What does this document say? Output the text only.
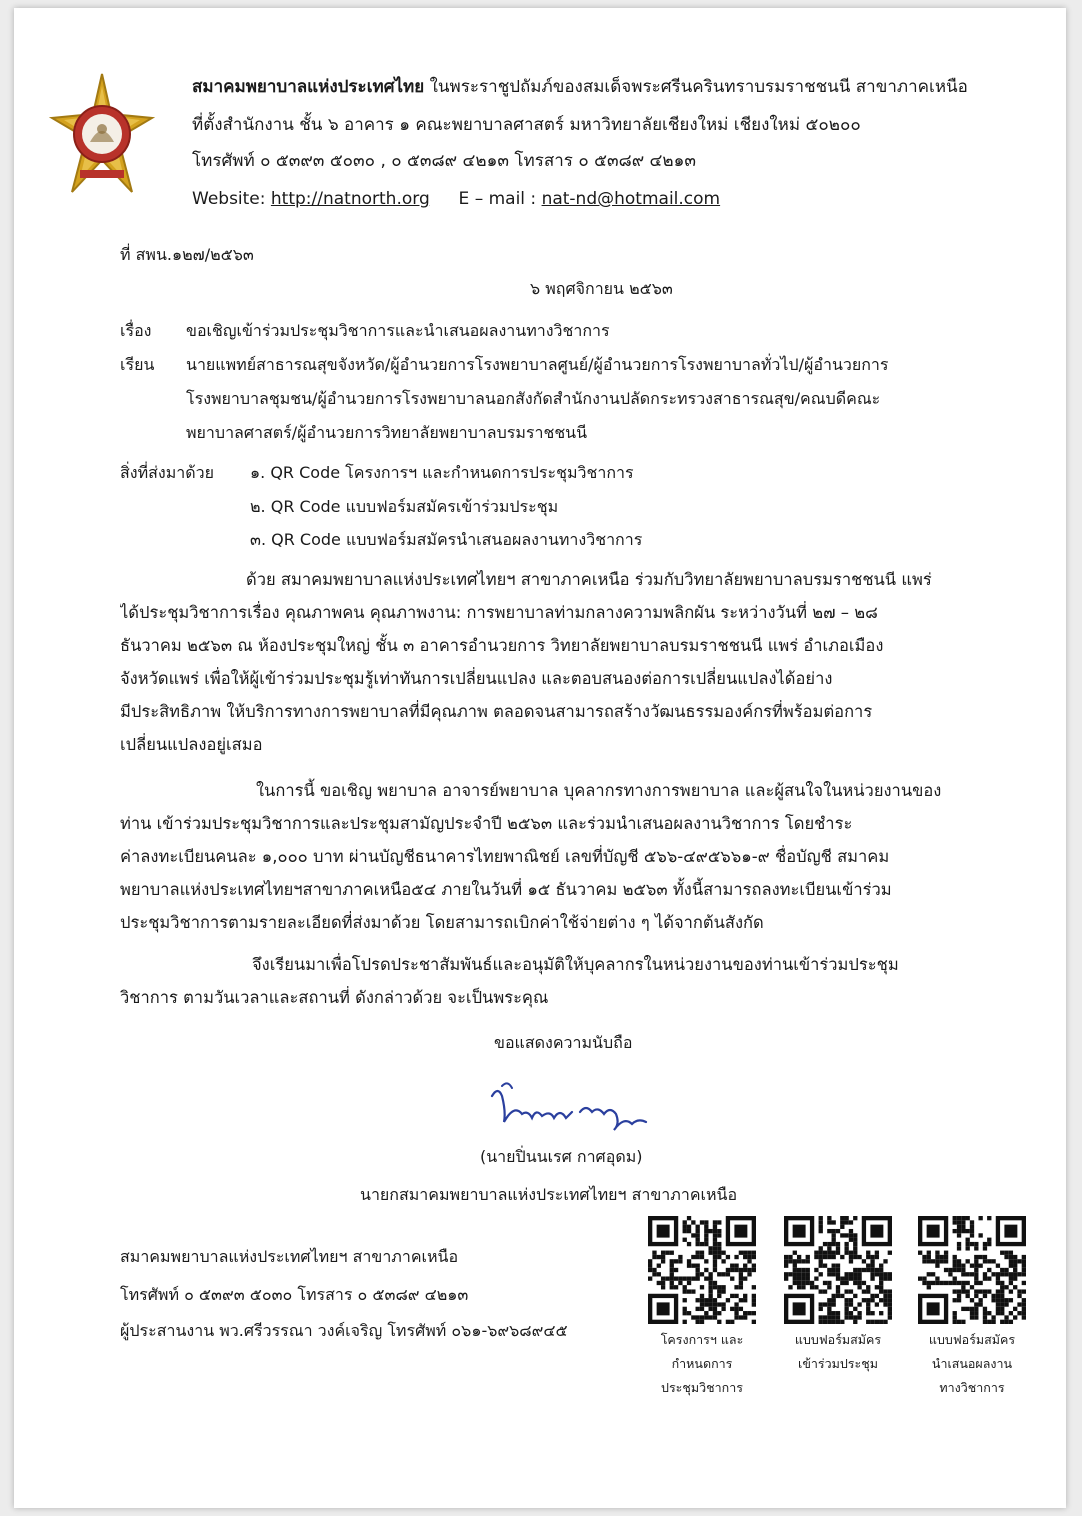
สมาคมพยาบาลแห่งประเทศไทย ในพระราชูปถัมภ์ของสมเด็จพระศรีนครินทราบรมราชชนนี สาขาภาคเหนือ
ที่ตั้งสำนักงาน ชั้น ๖ อาคาร ๑ คณะพยาบาลศาสตร์ มหาวิทยาลัยเชียงใหม่ เชียงใหม่ ๕๐๒๐๐
โทรศัพท์ ๐ ๕๓๙๓ ๕๐๓๐ , ๐ ๕๓๘๙ ๔๒๑๓ โทรสาร ๐ ๕๓๘๙ ๔๒๑๓
Website: http://natnorth.org E – mail : nat-nd@hotmail.com
ที่ สพน.๑๒๗/๒๕๖๓
๖ พฤศจิกายน ๒๕๖๓
เรื่อง ขอเชิญเข้าร่วมประชุมวิชาการและนำเสนอผลงานทางวิชาการ
เรียน นายแพทย์สาธารณสุขจังหวัด/ผู้อำนวยการโรงพยาบาลศูนย์/ผู้อำนวยการโรงพยาบาลทั่วไป/ผู้อำนวยการ
โรงพยาบาลชุมชน/ผู้อำนวยการโรงพยาบาลนอกสังกัดสำนักงานปลัดกระทรวงสาธารณสุข/คณบดีคณะ
พยาบาลศาสตร์/ผู้อำนวยการวิทยาลัยพยาบาลบรมราชชนนี
สิ่งที่ส่งมาด้วย ๑. QR Code โครงการฯ และกำหนดการประชุมวิชาการ
๒. QR Code แบบฟอร์มสมัครเข้าร่วมประชุม
๓. QR Code แบบฟอร์มสมัครนำเสนอผลงานทางวิชาการ
ด้วย สมาคมพยาบาลแห่งประเทศไทยฯ สาขาภาคเหนือ ร่วมกับวิทยาลัยพยาบาลบรมราชชนนี แพร่
ได้ประชุมวิชาการเรื่อง คุณภาพคน คุณภาพงาน: การพยาบาลท่ามกลางความพลิกผัน ระหว่างวันที่ ๒๗ – ๒๘
ธันวาคม ๒๕๖๓ ณ ห้องประชุมใหญ่ ชั้น ๓ อาคารอำนวยการ วิทยาลัยพยาบาลบรมราชชนนี แพร่ อำเภอเมือง
จังหวัดแพร่ เพื่อให้ผู้เข้าร่วมประชุมรู้เท่าทันการเปลี่ยนแปลง และตอบสนองต่อการเปลี่ยนแปลงได้อย่าง
มีประสิทธิภาพ ให้บริการทางการพยาบาลที่มีคุณภาพ ตลอดจนสามารถสร้างวัฒนธรรมองค์กรที่พร้อมต่อการ
เปลี่ยนแปลงอยู่เสมอ
ในการนี้ ขอเชิญ พยาบาล อาจารย์พยาบาล บุคลากรทางการพยาบาล และผู้สนใจในหน่วยงานของ
ท่าน เข้าร่วมประชุมวิชาการและประชุมสามัญประจำปี ๒๕๖๓ และร่วมนำเสนอผลงานวิชาการ โดยชำระ
ค่าลงทะเบียนคนละ ๑,๐๐๐ บาท ผ่านบัญชีธนาคารไทยพาณิชย์ เลขที่บัญชี ๕๖๖-๔๙๕๖๖๑-๙ ชื่อบัญชี สมาคม
พยาบาลแห่งประเทศไทยฯสาขาภาคเหนือ๕๔ ภายในวันที่ ๑๕ ธันวาคม ๒๕๖๓ ทั้งนี้สามารถลงทะเบียนเข้าร่วม
ประชุมวิชาการตามรายละเอียดที่ส่งมาด้วย โดยสามารถเบิกค่าใช้จ่ายต่าง ๆ ได้จากต้นสังกัด
จึงเรียนมาเพื่อโปรดประชาสัมพันธ์และอนุมัติให้บุคลากรในหน่วยงานของท่านเข้าร่วมประชุม
วิชาการ ตามวันเวลาและสถานที่ ดังกล่าวด้วย จะเป็นพระคุณ
ขอแสดงความนับถือ
(นายปิ่นนเรศ กาศอุดม)
นายกสมาคมพยาบาลแห่งประเทศไทยฯ สาขาภาคเหนือ
สมาคมพยาบาลแห่งประเทศไทยฯ สาขาภาคเหนือ
โทรศัพท์ ๐ ๕๓๙๓ ๕๐๓๐ โทรสาร ๐ ๕๓๘๙ ๔๒๑๓
ผู้ประสานงาน พว.ศรีวรรณา วงค์เจริญ โทรศัพท์ ๐๖๑-๖๙๖๘๙๔๕	โครงการฯ และ
กำหนดการ
ประชุมวิชาการ
แบบฟอร์มสมัคร
เข้าร่วมประชุม
แบบฟอร์มสมัคร
นำเสนอผลงาน
ทางวิชาการ
